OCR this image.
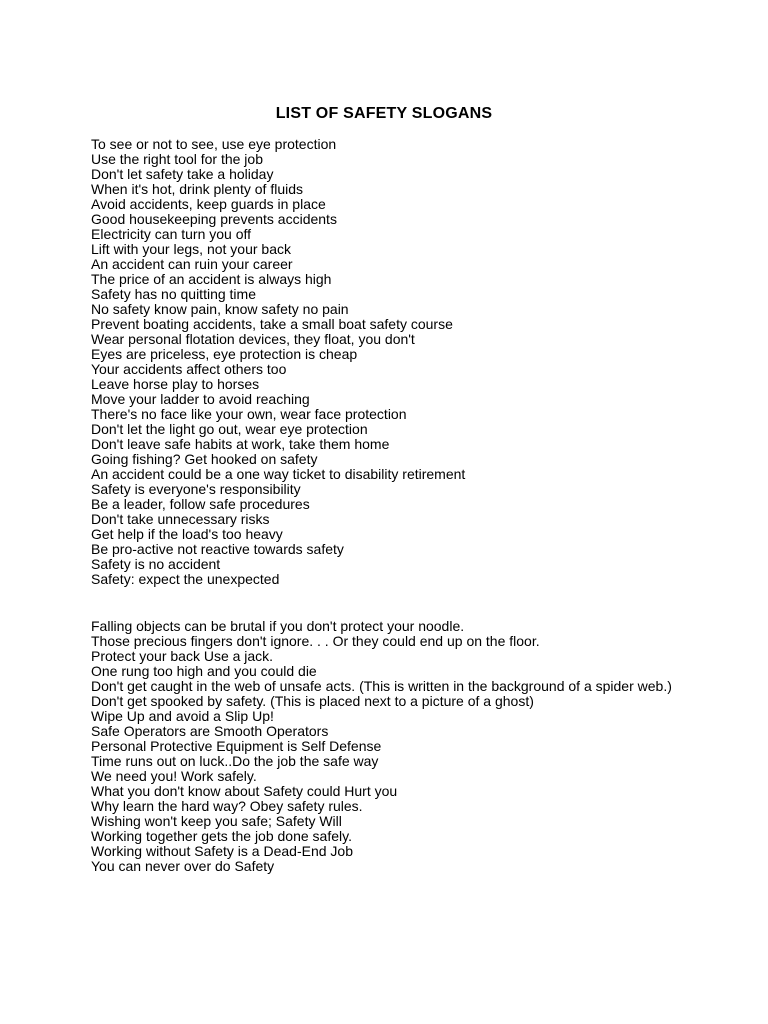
LIST OF SAFETY SLOGANS
To see or not to see, use eye protection
Use the right tool for the job
Don't let safety take a holiday
When it's hot, drink plenty of fluids
Avoid accidents, keep guards in place
Good housekeeping prevents accidents
Electricity can turn you off
Lift with your legs, not your back
An accident can ruin your career
The price of an accident is always high
Safety has no quitting time
No safety know pain, know safety no pain
Prevent boating accidents, take a small boat safety course
Wear personal flotation devices, they float, you don't
Eyes are priceless, eye protection is cheap
Your accidents affect others too
Leave horse play to horses
Move your ladder to avoid reaching
There's no face like your own, wear face protection
Don't let the light go out, wear eye protection
Don't leave safe habits at work, take them home
Going fishing? Get hooked on safety
An accident could be a one way ticket to disability retirement
Safety is everyone's responsibility
Be a leader, follow safe procedures
Don't take unnecessary risks
Get help if the load's too heavy
Be pro-active not reactive towards safety
Safety is no accident
Safety: expect the unexpected
Falling objects can be brutal if you don't protect your noodle.
Those precious fingers don't ignore. . . Or they could end up on the floor.
Protect your back Use a jack.
One rung too high and you could die
Don't get caught in the web of unsafe acts. (This is written in the background of a spider web.)
Don't get spooked by safety. (This is placed next to a picture of a ghost)
Wipe Up and avoid a Slip Up!
Safe Operators are Smooth Operators
Personal Protective Equipment is Self Defense
Time runs out on luck..Do the job the safe way
We need you! Work safely.
What you don't know about Safety could Hurt you
Why learn the hard way? Obey safety rules.
Wishing won't keep you safe; Safety Will
Working together gets the job done safely.
Working without Safety is a Dead-End Job
You can never over do Safety
